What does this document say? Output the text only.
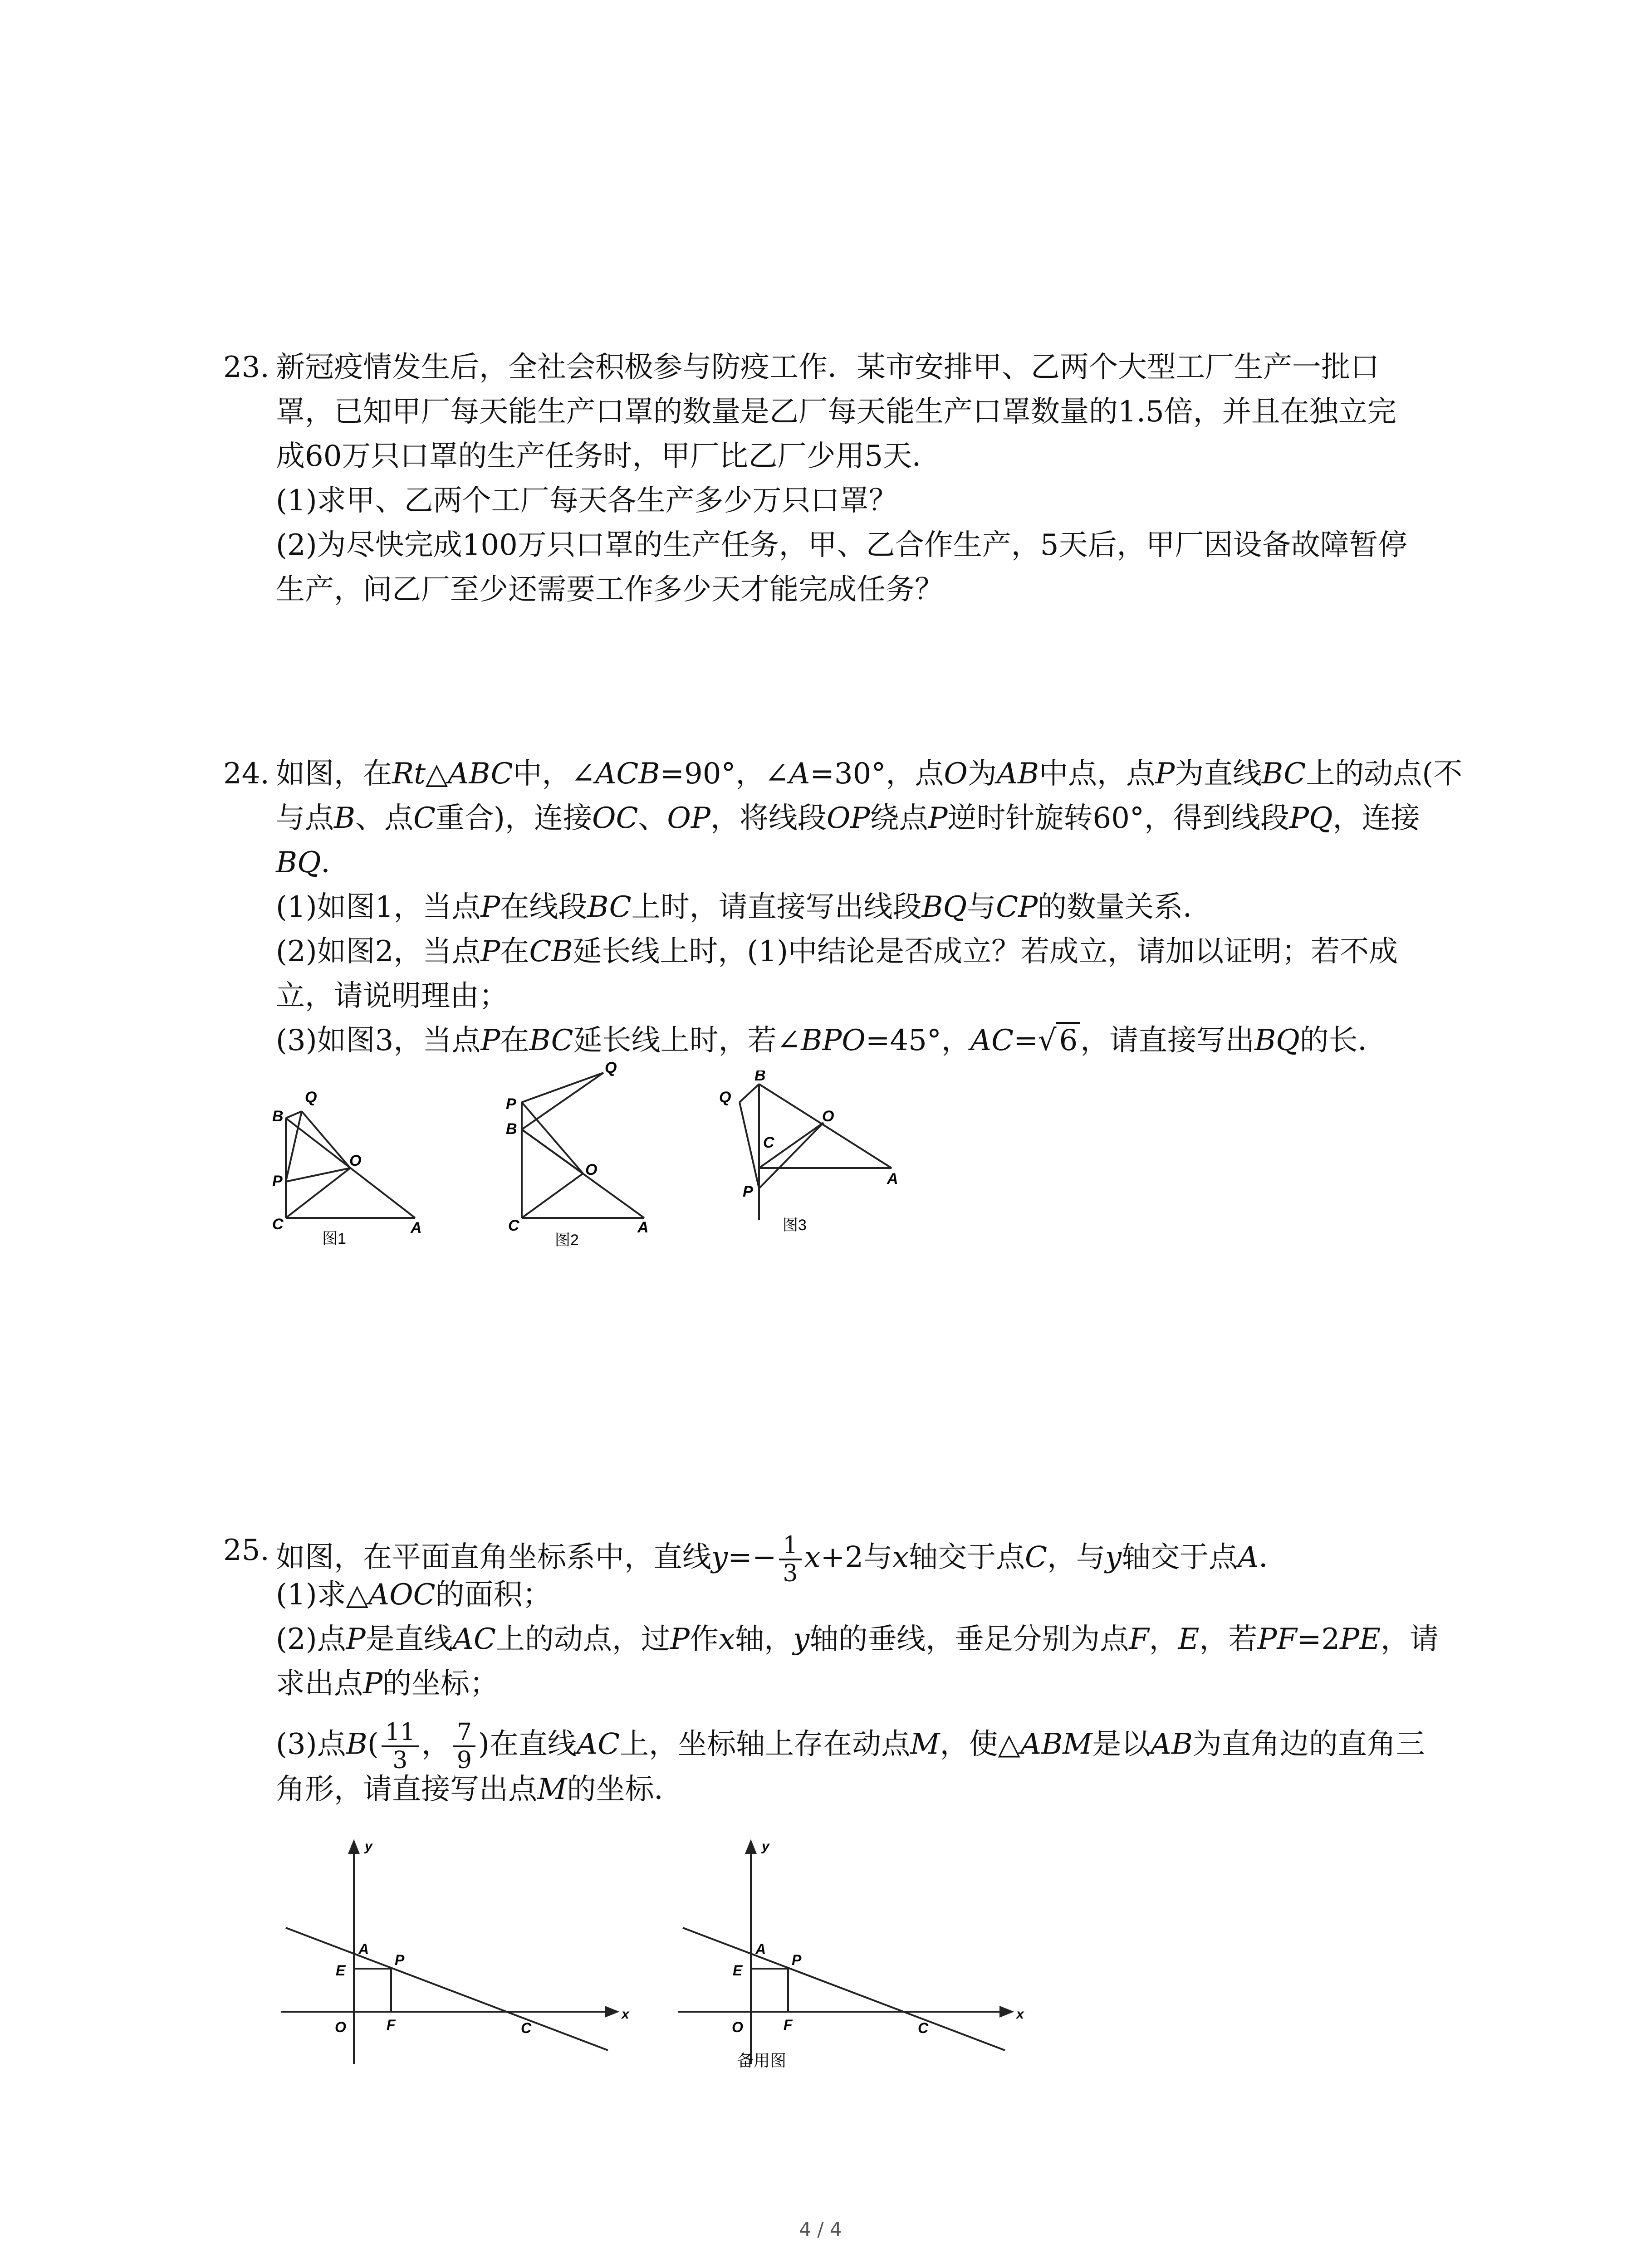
23. 新冠疫情发生后，全社会积极参与防疫工作．某市安排甲、乙两个大型工厂生产一批口
罩，已知甲厂每天能生产口罩的数量是乙厂每天能生产口罩数量的1.5倍，并且在独立完
成60万只口罩的生产任务时，甲厂比乙厂少用5天．
(1)求甲、乙两个工厂每天各生产多少万只口罩？
(2)为尽快完成100万只口罩的生产任务，甲、乙合作生产，5天后，甲厂因设备故障暂停
生产，问乙厂至少还需要工作多少天才能完成任务？
24. 如图，在Rt△ABC中，∠ACB=90°，∠A=30°，点O为AB中点，点P为直线BC上的动点(不
与点B、点C重合)，连接OC、OP，将线段OP绕点P逆时针旋转60°，得到线段PQ，连接
BQ．
(1)如图1，当点P在线段BC上时，请直接写出线段BQ与CP的数量关系．
(2)如图2，当点P在CB延长线上时，(1)中结论是否成立？若成立，请加以证明；若不成
立，请说明理由；
(3)如图3，当点P在BC延长线上时，若∠BPO=45°，AC=√6，请直接写出BQ的长．
Q
B
P
C
O
A
图1
Q
P
B
O
C	A
图2
Q
B
C
O
P
A
图3
25. 如图，在平面直角坐标系中，直线$y=- \frac{1}{3} x+2$与x轴交于点C，与y轴交于点A．
(1)求△AOC的面积；
(2)点P是直线AC上的动点，过P作x轴，y轴的垂线，垂足分别为点F，E，若PF=2PE，请
求出点P的坐标；
(3)点$B( \frac{11}{3}$ ， $\frac{7}{9}$ )在直线AC上，坐标轴上存在动点M，使△ABM是以AB为直角边的直角三
角形，请直接写出点M的坐标．
y
x
A
P
E
O	F	C
y
x
A
P
E
O	F	C
备用图
4 / 4
